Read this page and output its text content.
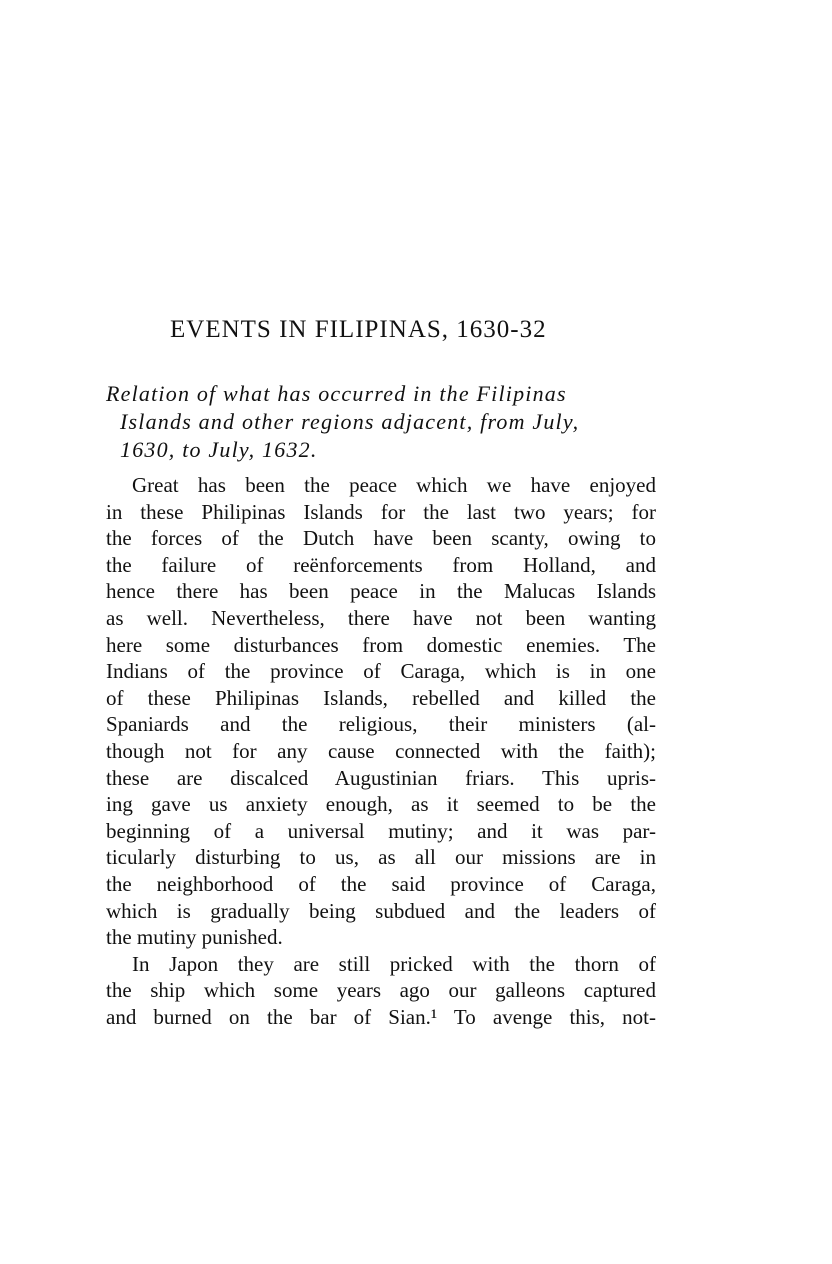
EVENTS IN FILIPINAS, 1630-32
Relation of what has occurred in the Filipinas
Islands and other regions adjacent, from July,
1630, to July, 1632.
Great has been the peace which we have enjoyed
in these Philipinas Islands for the last two years; for
the forces of the Dutch have been scanty, owing to
the failure of reënforcements from Holland, and
hence there has been peace in the Malucas Islands
as well. Nevertheless, there have not been wanting
here some disturbances from domestic enemies. The
Indians of the province of Caraga, which is in one
of these Philipinas Islands, rebelled and killed the
Spaniards and the religious, their ministers (al-
though not for any cause connected with the faith);
these are discalced Augustinian friars. This upris-
ing gave us anxiety enough, as it seemed to be the
beginning of a universal mutiny; and it was par-
ticularly disturbing to us, as all our missions are in
the neighborhood of the said province of Caraga,
which is gradually being subdued and the leaders of
the mutiny punished.
In Japon they are still pricked with the thorn of
the ship which some years ago our galleons captured
and burned on the bar of Sian.¹ To avenge this, not-
